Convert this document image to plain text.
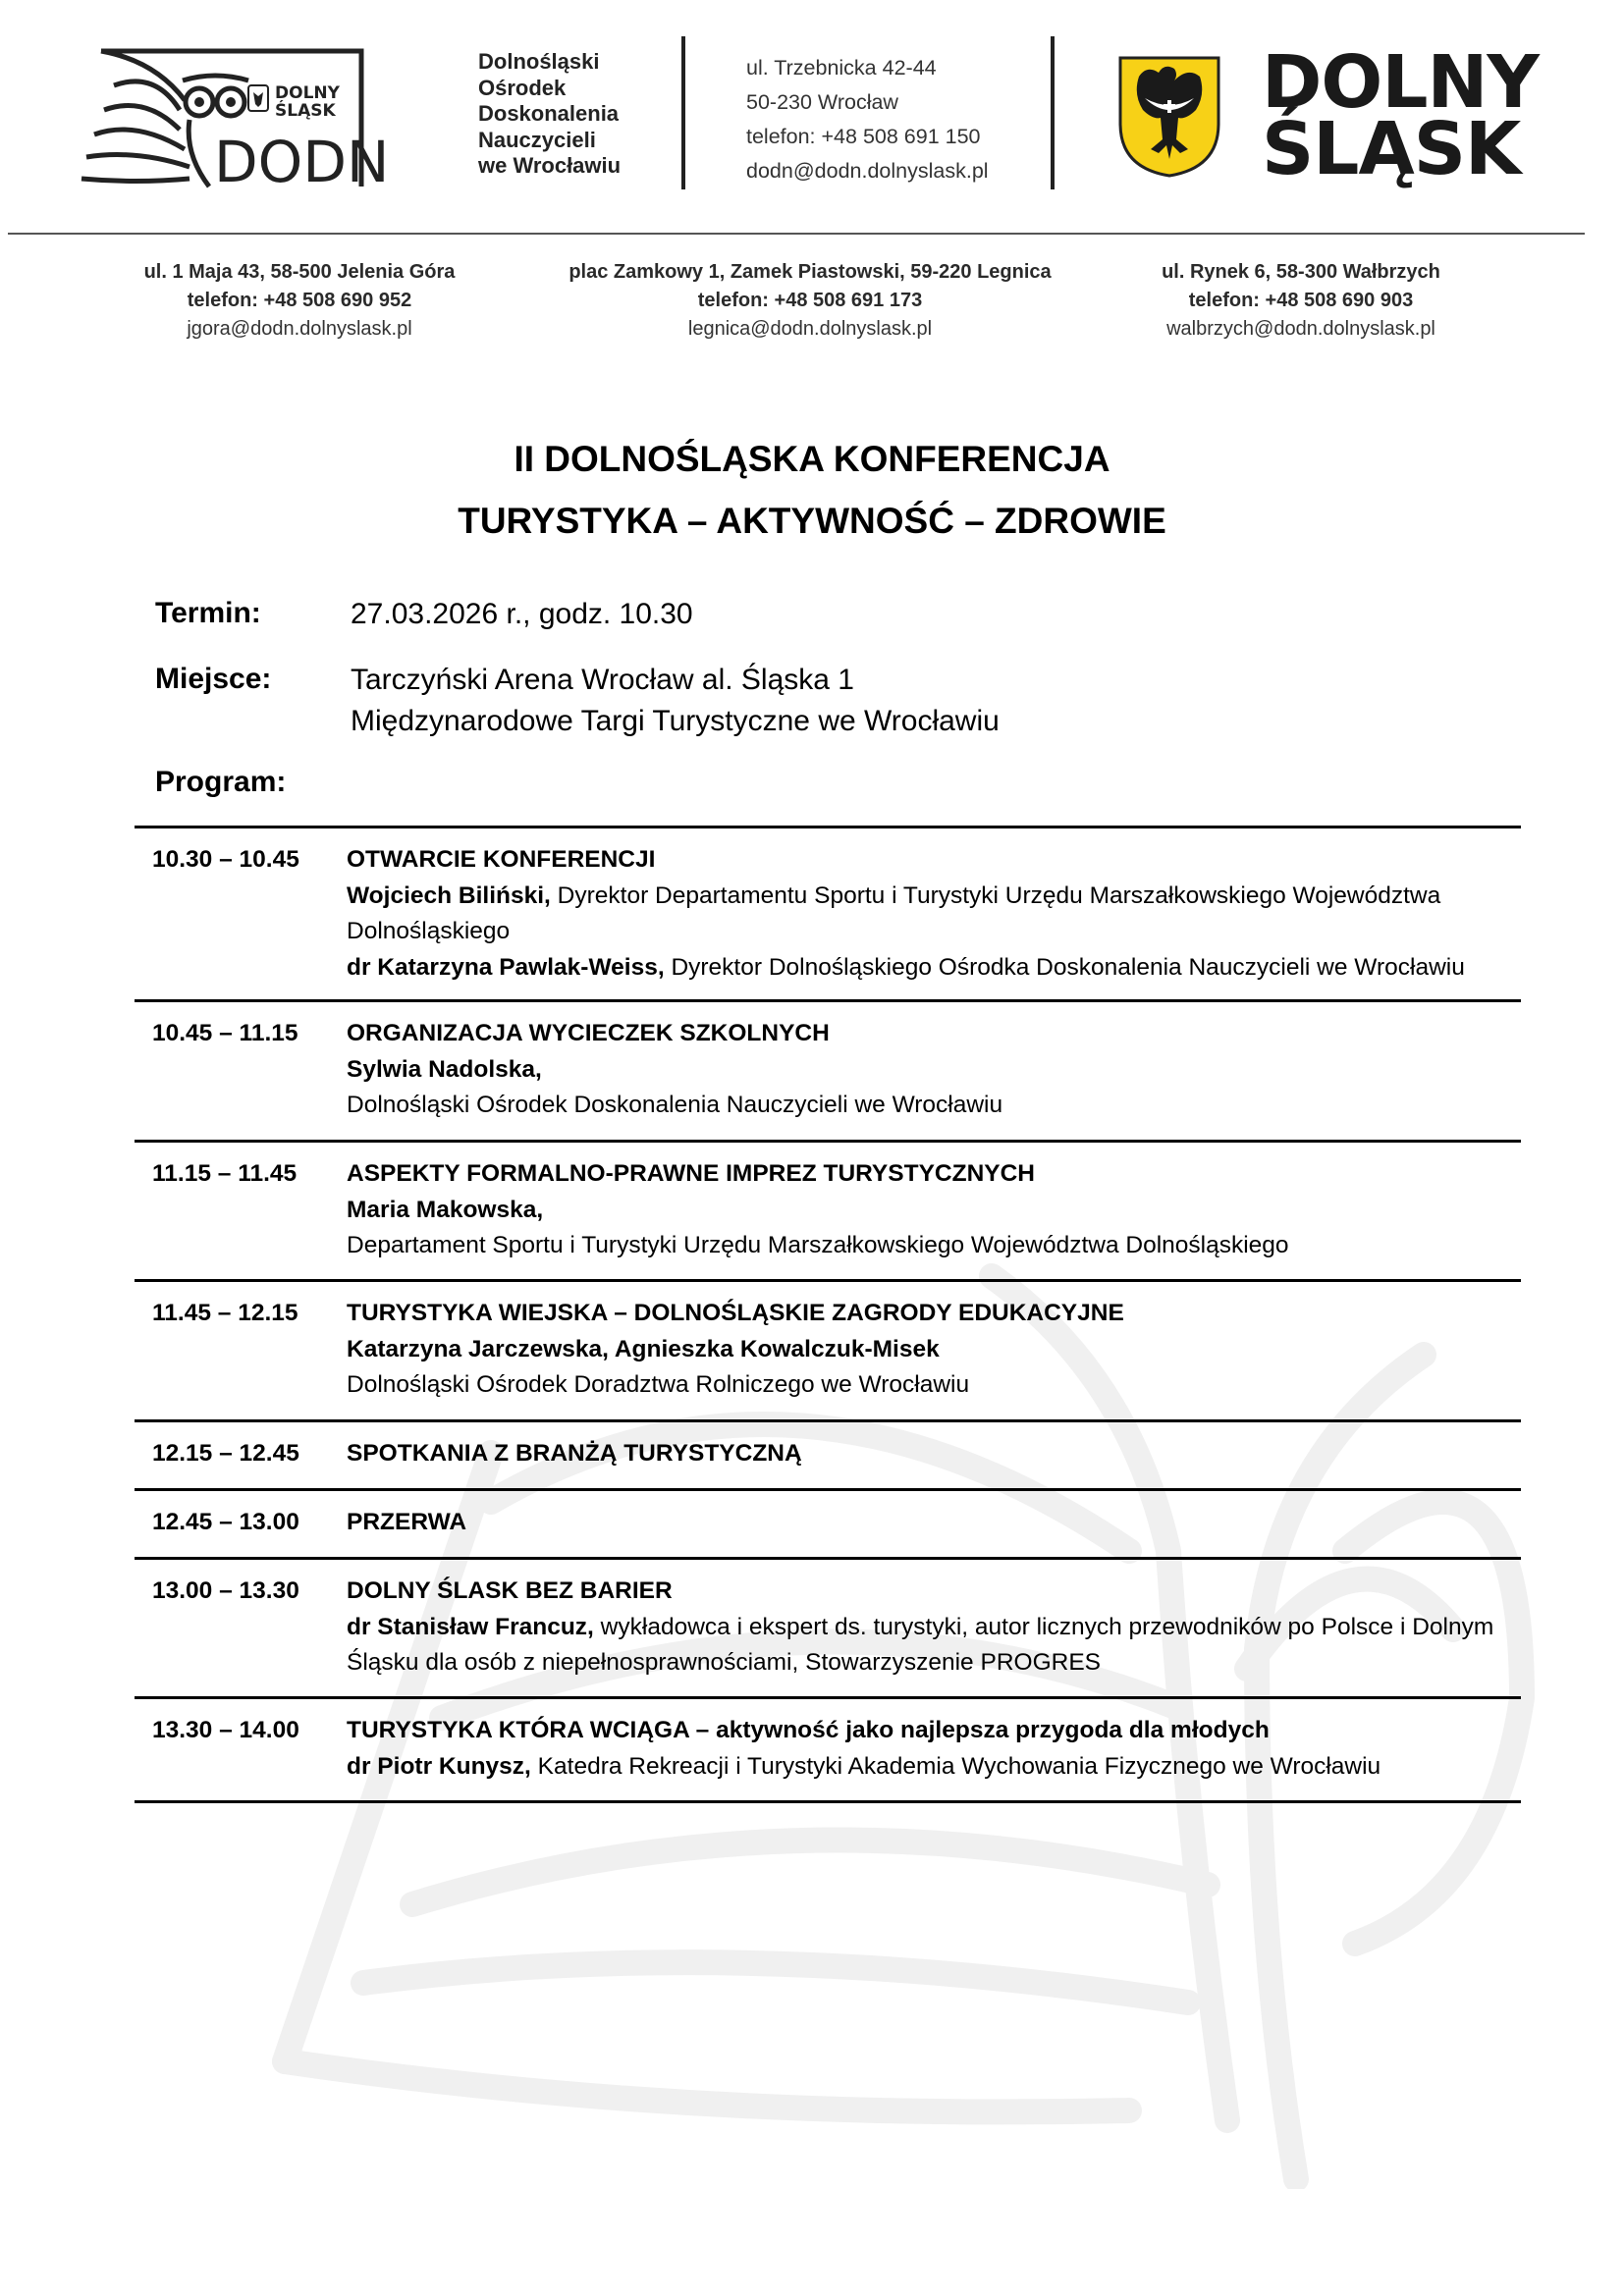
DOLNY
ŚLĄSK
DODN
Dolnośląski
Ośrodek
Doskonalenia
Nauczycieli
we Wrocławiu
ul. Trzebnicka 42-44
50-230 Wrocław
telefon: +48 508 691 150
dodn@dodn.dolnyslask.pl
DOLNY
ŚLĄSK
ul. 1 Maja 43, 58-500 Jelenia Góra
telefon: +48 508 690 952
jgora@dodn.dolnyslask.pl
plac Zamkowy 1, Zamek Piastowski, 59-220 Legnica
telefon: +48 508 691 173
legnica@dodn.dolnyslask.pl
ul. Rynek 6, 58-300 Wałbrzych
telefon: +48 508 690 903
walbrzych@dodn.dolnyslask.pl
II DOLNOŚLĄSKA KONFERENCJA
TURYSTYKA – AKTYWNOŚĆ – ZDROWIE
Termin:	27.03.2026 r., godz. 10.30
Miejsce:	Tarczyński Arena Wrocław al. Śląska 1
Międzynarodowe Targi Turystyczne we Wrocławiu
Program:
10.30 – 10.45 OTWARCIE KONFERENCJI
Wojciech Biliński, Dyrektor Departamentu Sportu i Turystyki Urzędu Marszałkowskiego Województwa Dolnośląskiego
dr Katarzyna Pawlak-Weiss, Dyrektor Dolnośląskiego Ośrodka Doskonalenia Nauczycieli we Wrocławiu
10.45 – 11.15 ORGANIZACJA WYCIECZEK SZKOLNYCH
Sylwia Nadolska,
Dolnośląski Ośrodek Doskonalenia Nauczycieli we Wrocławiu
11.15 – 11.45 ASPEKTY FORMALNO-PRAWNE IMPREZ TURYSTYCZNYCH
Maria Makowska,
Departament Sportu i Turystyki Urzędu Marszałkowskiego Województwa Dolnośląskiego
11.45 – 12.15 TURYSTYKA WIEJSKA – DOLNOŚLĄSKIE ZAGRODY EDUKACYJNE
Katarzyna Jarczewska, Agnieszka Kowalczuk-Misek
Dolnośląski Ośrodek Doradztwa Rolniczego we Wrocławiu
12.15 – 12.45 SPOTKANIA Z BRANŻĄ TURYSTYCZNĄ
12.45 – 13.00 PRZERWA
13.00 – 13.30 DOLNY ŚLASK BEZ BARIER
dr Stanisław Francuz, wykładowca i ekspert ds. turystyki, autor licznych przewodników po Polsce i Dolnym Śląsku dla osób z niepełnosprawnościami, Stowarzyszenie PROGRES
13.30 – 14.00 TURYSTYKA KTÓRA WCIĄGA – aktywność jako najlepsza przygoda dla młodych
dr Piotr Kunysz, Katedra Rekreacji i Turystyki Akademia Wychowania Fizycznego we Wrocławiu
